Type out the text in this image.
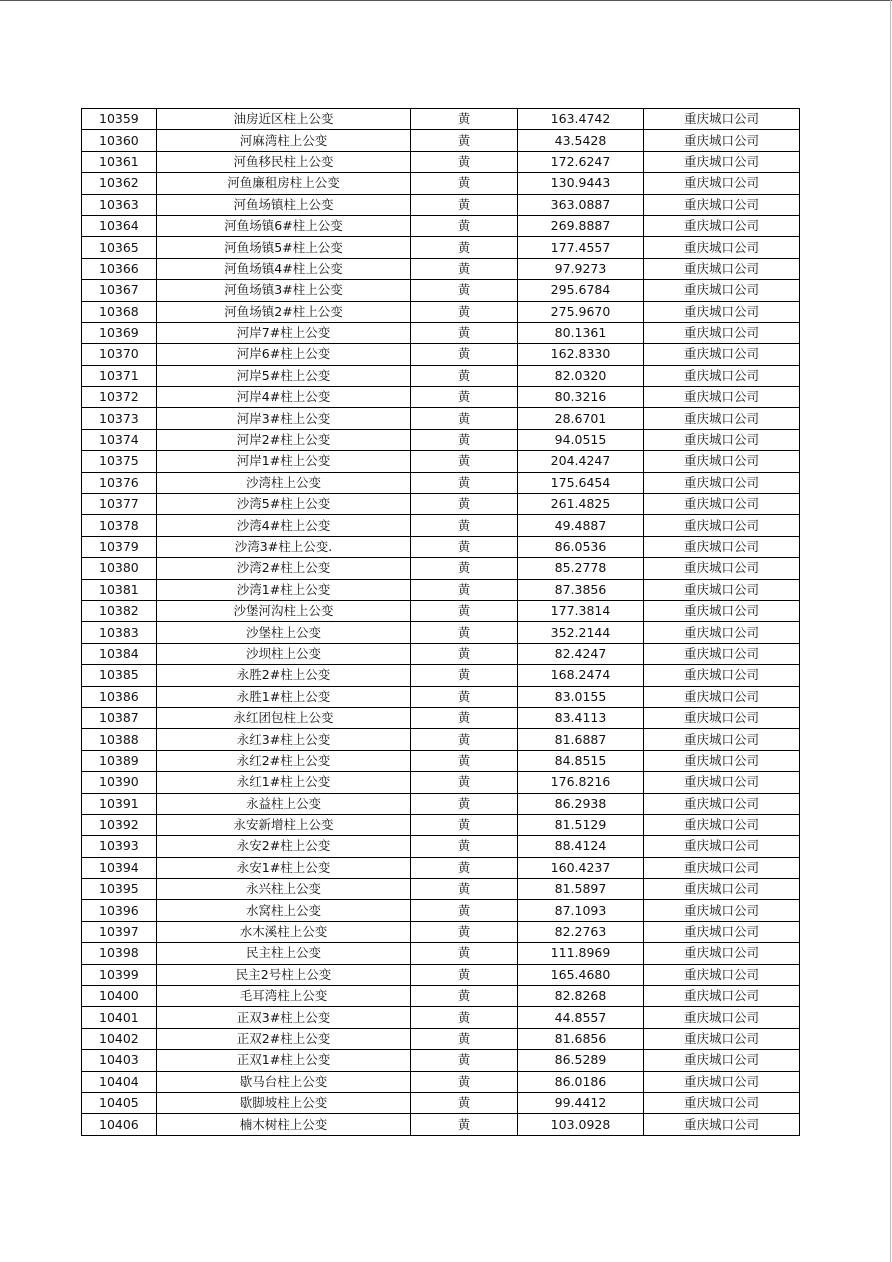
10359	油房近区柱上公变	黄	163.4742	重庆城口公司
10360	河麻湾柱上公变	黄	43.5428	重庆城口公司
10361	河鱼移民柱上公变	黄	172.6247	重庆城口公司
10362	河鱼廉租房柱上公变	黄	130.9443	重庆城口公司
10363	河鱼场镇柱上公变	黄	363.0887	重庆城口公司
10364	河鱼场镇6#柱上公变	黄	269.8887	重庆城口公司
10365	河鱼场镇5#柱上公变	黄	177.4557	重庆城口公司
10366	河鱼场镇4#柱上公变	黄	97.9273	重庆城口公司
10367	河鱼场镇3#柱上公变	黄	295.6784	重庆城口公司
10368	河鱼场镇2#柱上公变	黄	275.9670	重庆城口公司
10369	河岸7#柱上公变	黄	80.1361	重庆城口公司
10370	河岸6#柱上公变	黄	162.8330	重庆城口公司
10371	河岸5#柱上公变	黄	82.0320	重庆城口公司
10372	河岸4#柱上公变	黄	80.3216	重庆城口公司
10373	河岸3#柱上公变	黄	28.6701	重庆城口公司
10374	河岸2#柱上公变	黄	94.0515	重庆城口公司
10375	河岸1#柱上公变	黄	204.4247	重庆城口公司
10376	沙湾柱上公变	黄	175.6454	重庆城口公司
10377	沙湾5#柱上公变	黄	261.4825	重庆城口公司
10378	沙湾4#柱上公变	黄	49.4887	重庆城口公司
10379	沙湾3#柱上公变.	黄	86.0536	重庆城口公司
10380	沙湾2#柱上公变	黄	85.2778	重庆城口公司
10381	沙湾1#柱上公变	黄	87.3856	重庆城口公司
10382	沙堡河沟柱上公变	黄	177.3814	重庆城口公司
10383	沙堡柱上公变	黄	352.2144	重庆城口公司
10384	沙坝柱上公变	黄	82.4247	重庆城口公司
10385	永胜2#柱上公变	黄	168.2474	重庆城口公司
10386	永胜1#柱上公变	黄	83.0155	重庆城口公司
10387	永红团包柱上公变	黄	83.4113	重庆城口公司
10388	永红3#柱上公变	黄	81.6887	重庆城口公司
10389	永红2#柱上公变	黄	84.8515	重庆城口公司
10390	永红1#柱上公变	黄	176.8216	重庆城口公司
10391	永益柱上公变	黄	86.2938	重庆城口公司
10392	永安新增柱上公变	黄	81.5129	重庆城口公司
10393	永安2#柱上公变	黄	88.4124	重庆城口公司
10394	永安1#柱上公变	黄	160.4237	重庆城口公司
10395	永兴柱上公变	黄	81.5897	重庆城口公司
10396	水窝柱上公变	黄	87.1093	重庆城口公司
10397	水木溪柱上公变	黄	82.2763	重庆城口公司
10398	民主柱上公变	黄	111.8969	重庆城口公司
10399	民主2号柱上公变	黄	165.4680	重庆城口公司
10400	毛耳湾柱上公变	黄	82.8268	重庆城口公司
10401	正双3#柱上公变	黄	44.8557	重庆城口公司
10402	正双2#柱上公变	黄	81.6856	重庆城口公司
10403	正双1#柱上公变	黄	86.5289	重庆城口公司
10404	歇马台柱上公变	黄	86.0186	重庆城口公司
10405	歇脚坡柱上公变	黄	99.4412	重庆城口公司
10406	楠木树柱上公变	黄	103.0928	重庆城口公司
